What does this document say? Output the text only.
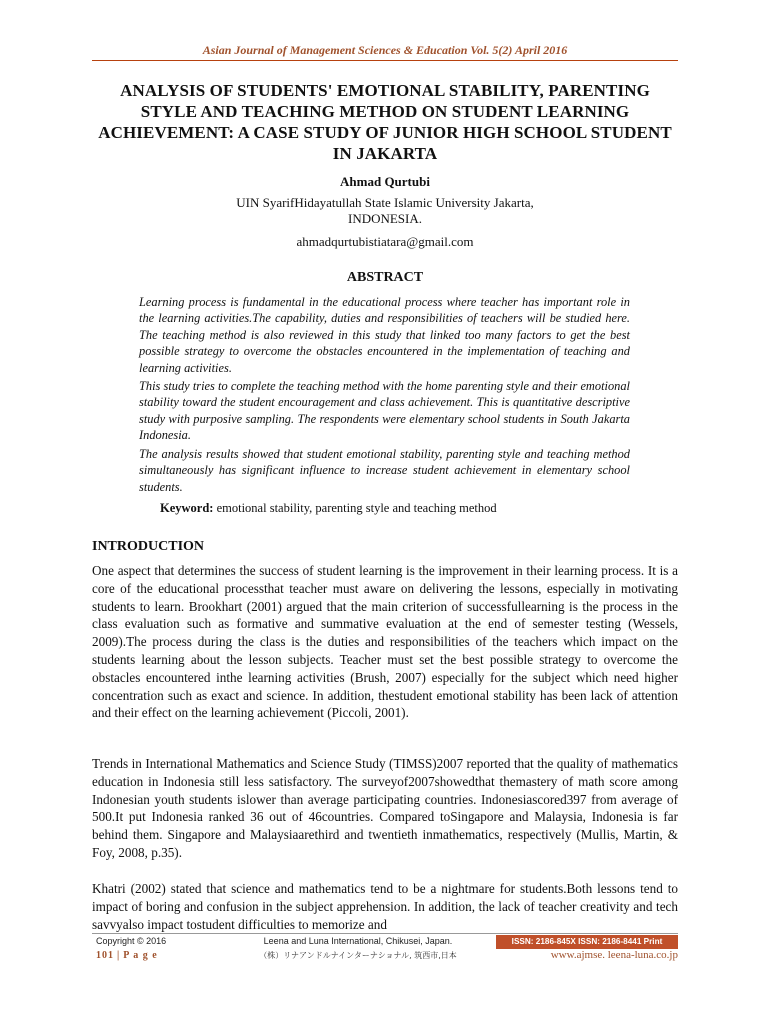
Asian Journal of Management Sciences & Education Vol. 5(2) April 2016
ANALYSIS OF STUDENTS' EMOTIONAL STABILITY, PARENTING STYLE AND TEACHING METHOD ON STUDENT LEARNING ACHIEVEMENT: A CASE STUDY OF JUNIOR HIGH SCHOOL STUDENT IN JAKARTA
Ahmad Qurtubi
UIN SyarifHidayatullah State Islamic University Jakarta,
INDONESIA.
ahmadqurtubistiatara@gmail.com
ABSTRACT

Learning process is fundamental in the educational process where teacher has important role in the learning activities.The capability, duties and responsibilities of teachers will be studied here. The teaching method is also reviewed in this study that linked too many factors to get the best possible strategy to overcome the obstacles encountered in the implementation of teaching and learning activities.

This study tries to complete the teaching method with the home parenting style and their emotional stability toward the student encouragement and class achievement. This is quantitative descriptive study with purposive sampling. The respondents were elementary school students in South Jakarta Indonesia.

The analysis results showed that student emotional stability, parenting style and teaching method simultaneously has significant influence to increase student achievement in elementary school students.

Keyword: emotional stability, parenting style and teaching method
INTRODUCTION

One aspect that determines the success of student learning is the improvement in their learning process. It is a core of the educational processthat teacher must aware on delivering the lessons, especially in motivating students to learn. Brookhart (2001) argued that the main criterion of successfullearning is the process in the class evaluation such as formative and summative evaluation at the end of semester testing (Wessels, 2009).The process during the class is the duties and responsibilities of the teachers which impact on the students learning about the lesson subjects. Teacher must set the best possible strategy to overcome the obstacles encountered inthe learning activities (Brush, 2007) especially for the subject which need higher concentration such as exact and science. In addition, thestudent emotional stability has been lack of attention and their effect on the learning achievement (Piccoli, 2001).

Trends in International Mathematics and Science Study (TIMSS)2007 reported that the quality of mathematics education in Indonesia still less satisfactory. The surveyof2007showedthat themastery of math score among Indonesian youth students islower than average participating countries. Indonesiascored397 from average of 500.It put Indonesia ranked 36 out of 46countries. Compared toSingapore and Malaysia, Indonesia is far behind them. Singapore and Malaysiaarethird and twentieth inmathematics, respectively (Mullis, Martin, & Foy, 2008, p.35).

Khatri (2002) stated that science and mathematics tend to be a nightmare for students.Both lessons tend to impact of boring and confusion in the subject apprehension. In addition, the lack of teacher creativity and tech savvyalso impact tostudent difficulties to memorize and

Copyright © 2016
101 | P a g e
Leena and Luna International, Chikusei, Japan.
（株）リナアンドルナインターナショナル, 筑西市,日本
ISSN: 2186-845X ISSN: 2186-8441 Print
www.ajmse. leena-luna.co.jp
